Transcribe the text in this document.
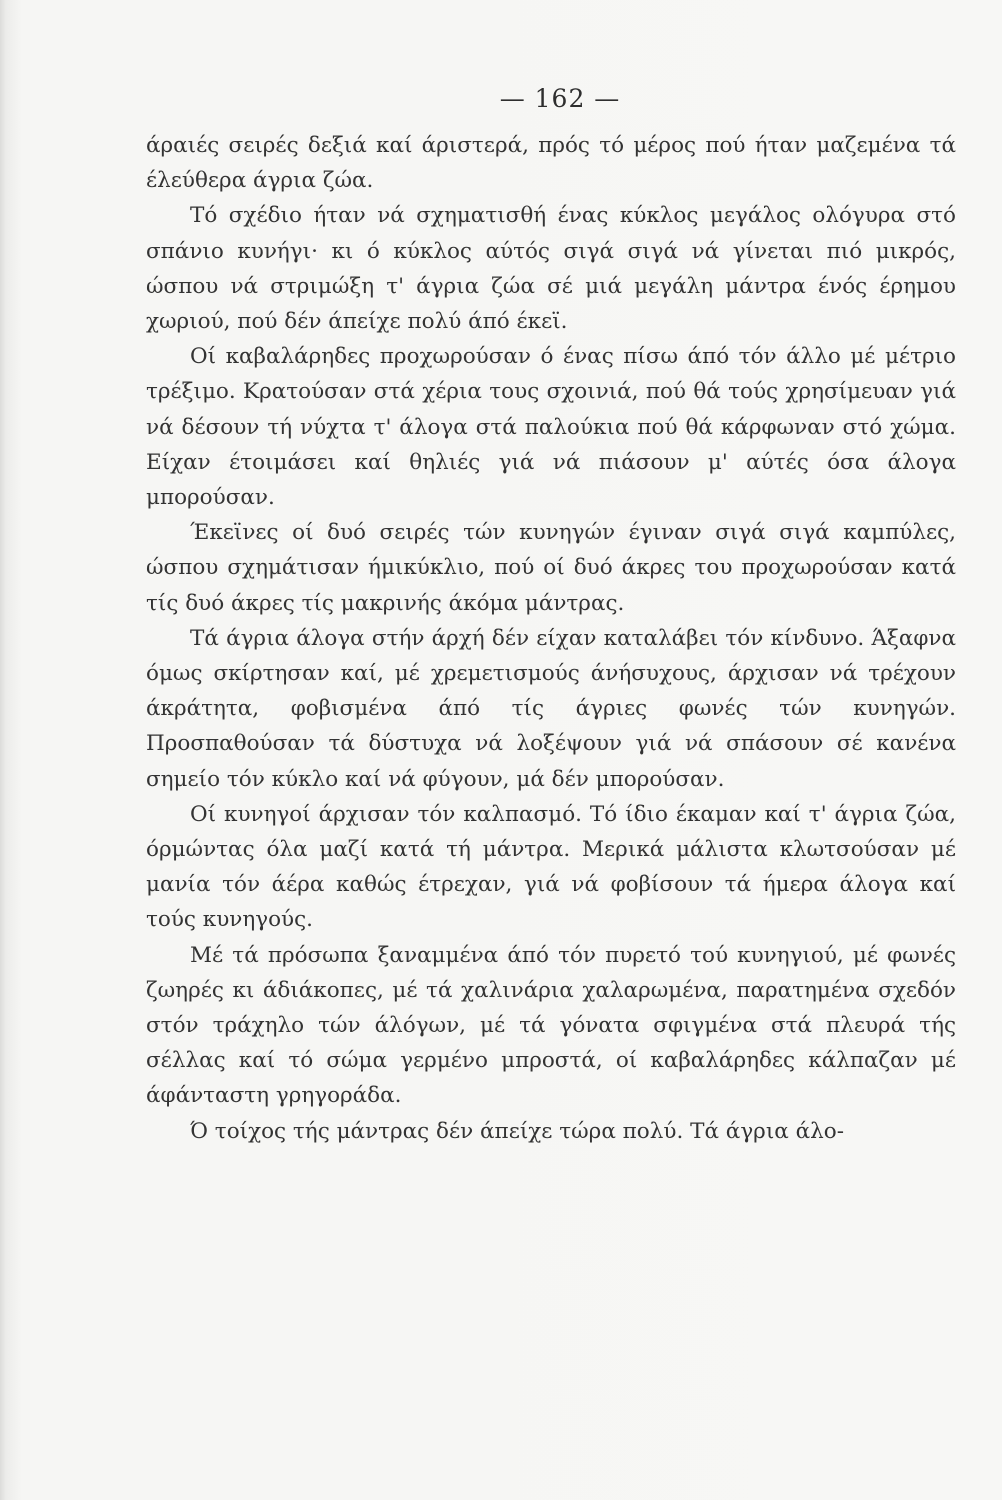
— 162 —

άραιές σειρές δεξιά καί άριστερά, πρός τό μέρος πού ήταν μαζεμένα τά έλεύθερα άγρια ζώα.

Τό σχέδιο ήταν νά σχηματισθή ένας κύκλος μεγάλος ολόγυρα στό σπάνιο κυνήγι· κι ό κύκλος αύτός σιγά σιγά νά γίνεται πιό μικρός, ώσπου νά στριμώξη τ' άγρια ζώα σέ μιά μεγάλη μάντρα ένός έρημου χωριού, πού δέν άπείχε πολύ άπό έκεϊ.

Οί καβαλάρηδες προχωρούσαν ό ένας πίσω άπό τόν άλλο μέ μέτριο τρέξιμο. Κρατούσαν στά χέρια τους σχοινιά, πού θά τούς χρησίμευαν γιά νά δέσουν τή νύχτα τ' άλογα στά παλούκια πού θά κάρφωναν στό χώμα. Είχαν έτοιμάσει καί θηλιές γιά νά πιάσουν μ' αύτές όσα άλογα μπορούσαν.

Έκεϊνες οί δυό σειρές τών κυνηγών έγιναν σιγά σιγά καμπύλες, ώσπου σχημάτισαν ήμικύκλιο, πού οί δυό άκρες του προχωρούσαν κατά τίς δυό άκρες τίς μακρινής άκόμα μάντρας.

Τά άγρια άλογα στήν άρχή δέν είχαν καταλάβει τόν κίνδυνο. Άξαφνα όμως σκίρτησαν καί, μέ χρεμετισμούς άνήσυχους, άρχισαν νά τρέχουν άκράτητα, φοβισμένα άπό τίς άγριες φωνές τών κυνηγών. Προσπαθούσαν τά δύστυχα νά λοξέψουν γιά νά σπάσουν σέ κανένα σημείο τόν κύκλο καί νά φύγουν, μά δέν μπορούσαν.

Οί κυνηγοί άρχισαν τόν καλπασμό. Τό ίδιο έκαμαν καί τ' άγρια ζώα, όρμώντας όλα μαζί κατά τή μάντρα. Μερικά μάλιστα κλωτσούσαν μέ μανία τόν άέρα καθώς έτρεχαν, γιά νά φοβίσουν τά ήμερα άλογα καί τούς κυνηγούς.

Μέ τά πρόσωπα ξαναμμένα άπό τόν πυρετό τού κυνηγιού, μέ φωνές ζωηρές κι άδιάκοπες, μέ τά χαλινάρια χαλαρωμένα, παρατημένα σχεδόν στόν τράχηλο τών άλόγων, μέ τά γόνατα σφιγμένα στά πλευρά τής σέλλας καί τό σώμα γερμένο μπροστά, οί καβαλάρηδες κάλπαζαν μέ άφάνταστη γρηγοράδα.

Ό τοίχος τής μάντρας δέν άπείχε τώρα πολύ. Τά άγρια άλο-
